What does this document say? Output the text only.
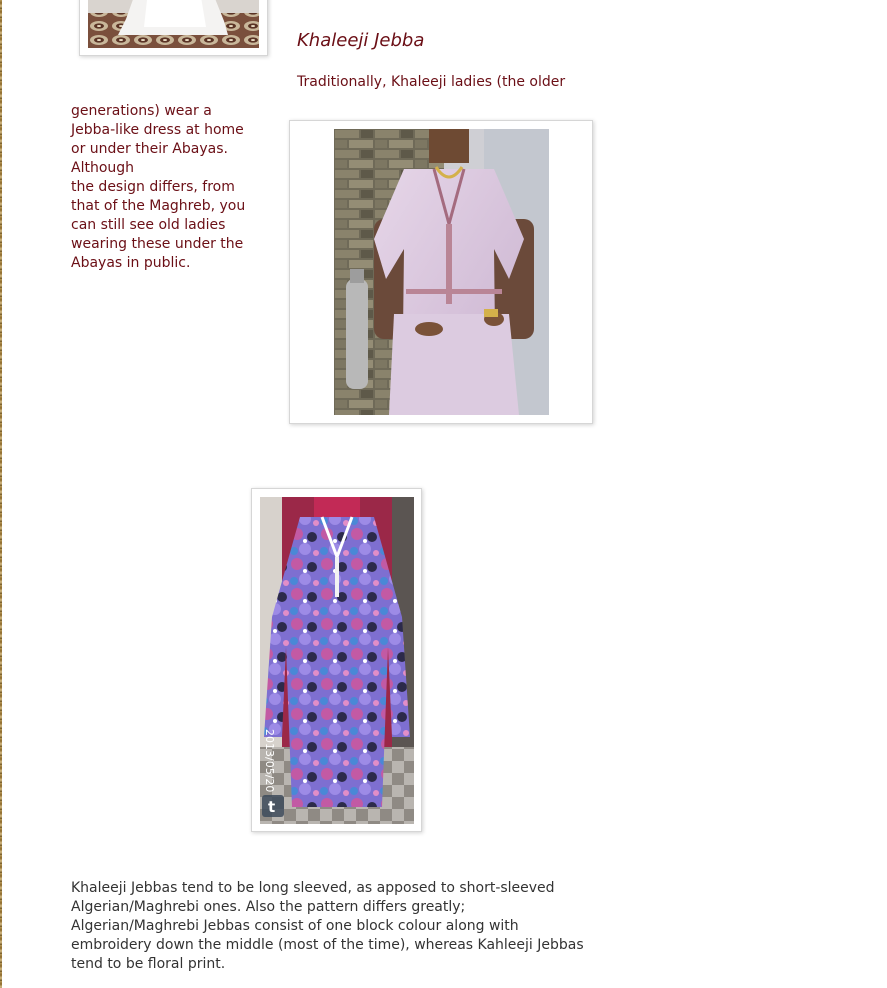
Khaleeji Jebba

Traditionally, Khaleeji ladies (the older

generations) wear a
Jebba-like dress at home
or under their Abayas.
Although
the design differs, from
that of the Maghreb, you
can still see old ladies
wearing these under the
Abayas in public.
2013/05/20
t
Khaleeji Jebbas tend to be long sleeved, as apposed to short-sleeved
Algerian/Maghrebi ones. Also the pattern differs greatly;
Algerian/Maghrebi Jebbas consist of one block colour along with
embroidery down the middle (most of the time), whereas Kahleeji Jebbas
tend to be floral print.
